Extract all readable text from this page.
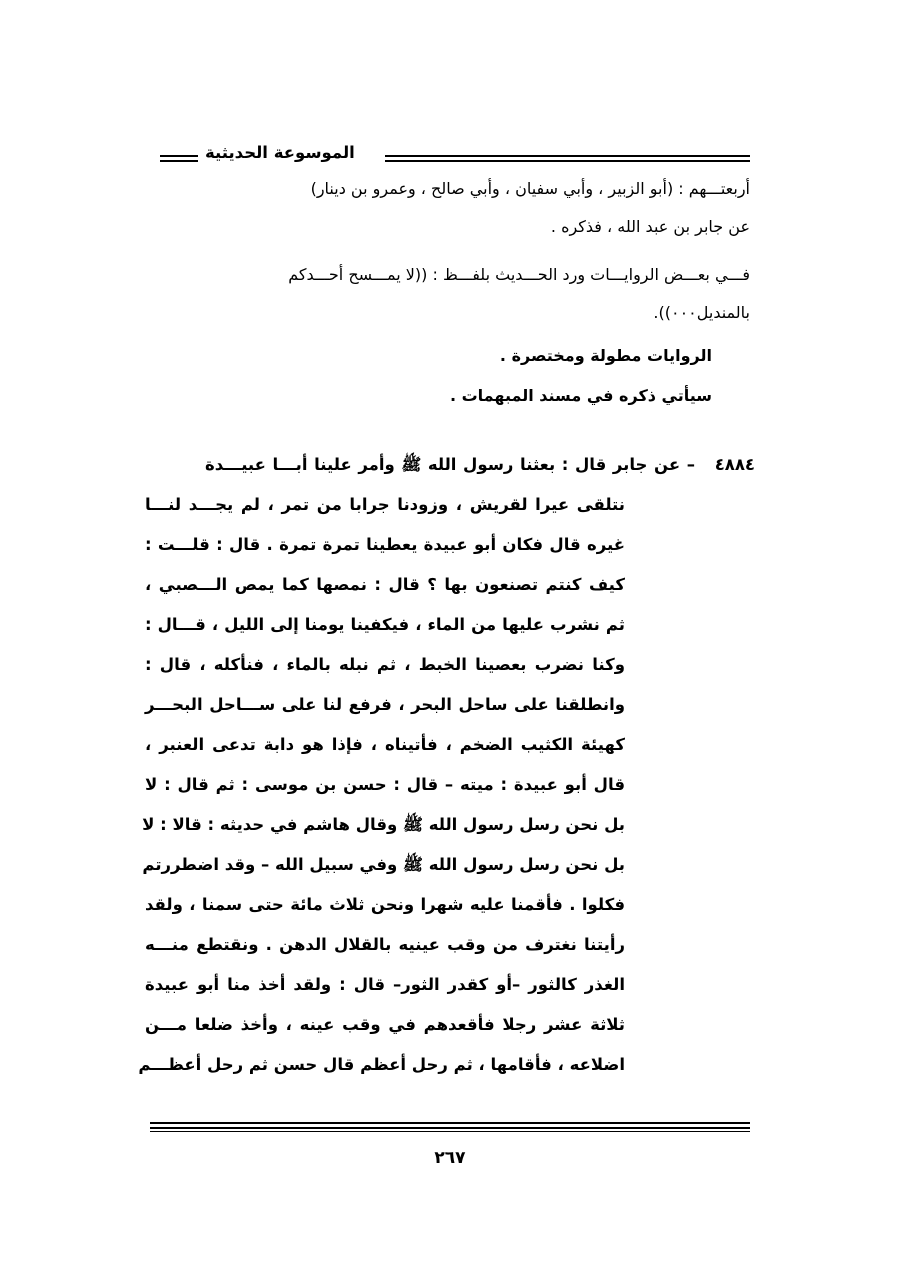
الموسوعة الحديثية
أربعتـــهم : (أبو الزبير ، وأبي سفيان ، وأبي صالح ، وعمرو بن دينار)
عن جابر بن عبد الله ، فذكره .
فـــي بعـــض الروايـــات ورد الحـــديث بلفـــظ : ((لا يمـــسح أحـــدكم
بالمنديل٠٠٠)).
الروايات مطولة ومختصرة .
سيأتي ذكره في مسند المبهمات .
٤٨٨٤
– عن جابر قال : بعثنا رسول الله ﷺ وأمر علينا أبـــا عبيـــدة
نتلقى عيرا لقريش ، وزودنا جرابا من تمر ، لم يجـــد لنـــا
غيره قال فكان أبو عبيدة يعطينا تمرة تمرة . قال : قلـــت :
كيف كنتم تصنعون بها ؟ قال : نمصها كما يمص الـــصبي ،
ثم نشرب عليها من الماء ، فيكفينا يومنا إلى الليل ، قـــال :
وكنا نضرب بعصينا الخبط ، ثم نبله بالماء ، فنأكله ، قال :
وانطلقنا على ساحل البحر ، فرفع لنا على ســـاحل البحـــر
كهيئة الكثيب الضخم ، فأتيناه ، فإذا هو دابة تدعى العنبر ،
قال أبو عبيدة : ميته – قال : حسن بن موسى : ثم قال : لا
بل نحن رسل رسول الله ﷺ وقال هاشم في حديثه : قالا : لا
بل نحن رسل رسول الله ﷺ وفي سبيل الله – وقد اضطررتم
فكلوا . فأقمنا عليه شهرا ونحن ثلاث مائة حتى سمنا ، ولقد
رأيتنا نغترف من وقب عينيه بالقلال الدهن . ونقتطع منـــه
الغذر كالثور –أو كقدر الثور– قال : ولقد أخذ منا أبو عبيدة
ثلاثة عشر رجلا فأقعدهم في وقب عينه ، وأخذ ضلعا مـــن
اضلاعه ، فأقامها ، ثم رحل أعظم قال حسن ثم رحل أعظـــم
٢٦٧
